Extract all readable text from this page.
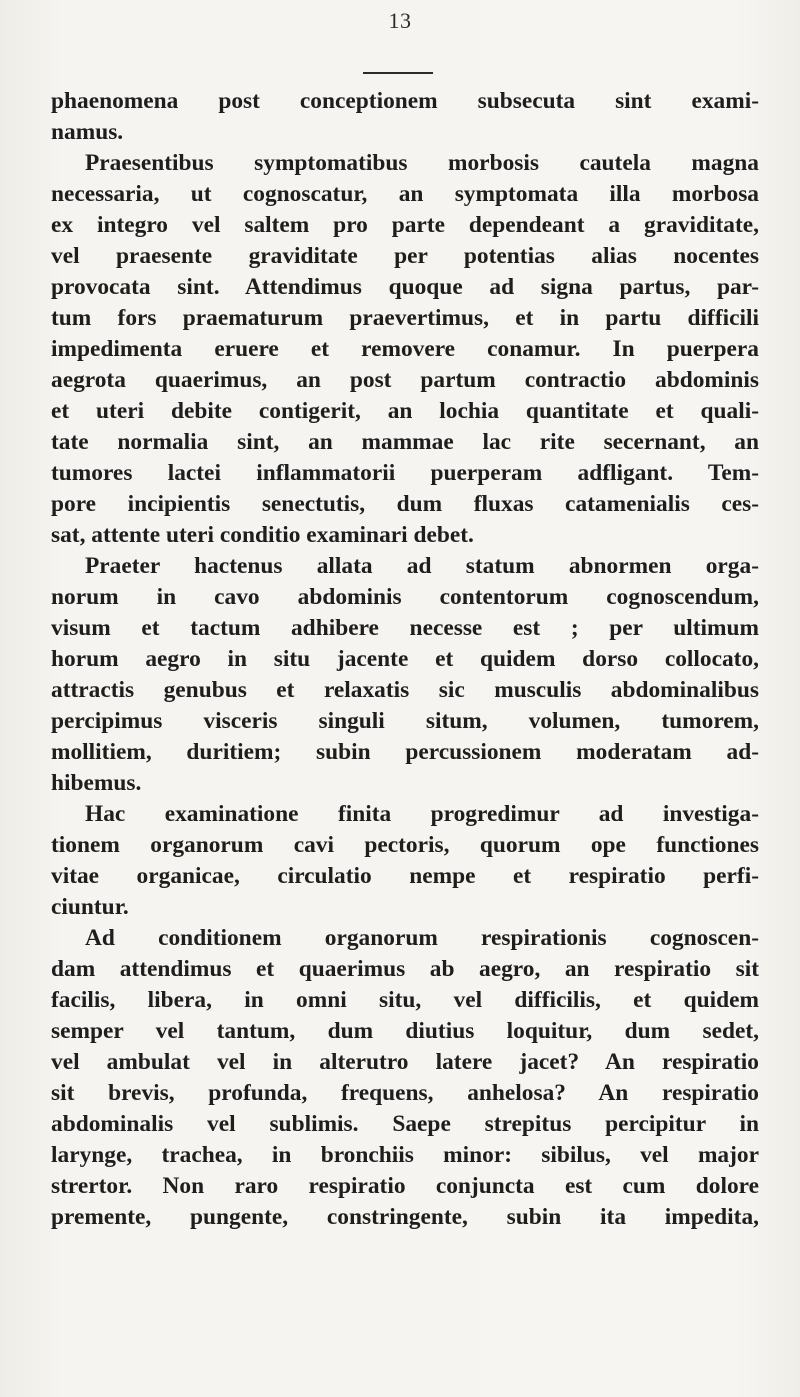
13
phaenomena post conceptionem subsecuta sint exami-
namus.
Praesentibus symptomatibus morbosis cautela magna
necessaria, ut cognoscatur, an symptomata illa morbosa
ex integro vel saltem pro parte dependeant a graviditate,
vel praesente graviditate per potentias alias nocentes
provocata sint. Attendimus quoque ad signa partus, par-
tum fors praematurum praevertimus, et in partu difficili
impedimenta eruere et removere conamur. In puerpera
aegrota quaerimus, an post partum contractio abdominis
et uteri debite contigerit, an lochia quantitate et quali-
tate normalia sint, an mammae lac rite secernant, an
tumores lactei inflammatorii puerperam adfligant. Tem-
pore incipientis senectutis, dum fluxas catamenialis ces-
sat, attente uteri conditio examinari debet.
Praeter hactenus allata ad statum abnormen orga-
norum in cavo abdominis contentorum cognoscendum,
visum et tactum adhibere necesse est ; per ultimum
horum aegro in situ jacente et quidem dorso collocato,
attractis genubus et relaxatis sic musculis abdominalibus
percipimus visceris singuli situm, volumen, tumorem,
mollitiem, duritiem; subin percussionem moderatam ad-
hibemus.
Hac examinatione finita progredimur ad investiga-
tionem organorum cavi pectoris, quorum ope functiones
vitae organicae, circulatio nempe et respiratio perfi-
ciuntur.
Ad conditionem organorum respirationis cognoscen-
dam attendimus et quaerimus ab aegro, an respiratio sit
facilis, libera, in omni situ, vel difficilis, et quidem
semper vel tantum, dum diutius loquitur, dum sedet,
vel ambulat vel in alterutro latere jacet? An respiratio
sit brevis, profunda, frequens, anhelosa? An respiratio
abdominalis vel sublimis. Saepe strepitus percipitur in
larynge, trachea, in bronchiis minor: sibilus, vel major
strertor. Non raro respiratio conjuncta est cum dolore
premente, pungente, constringente, subin ita impedita,
